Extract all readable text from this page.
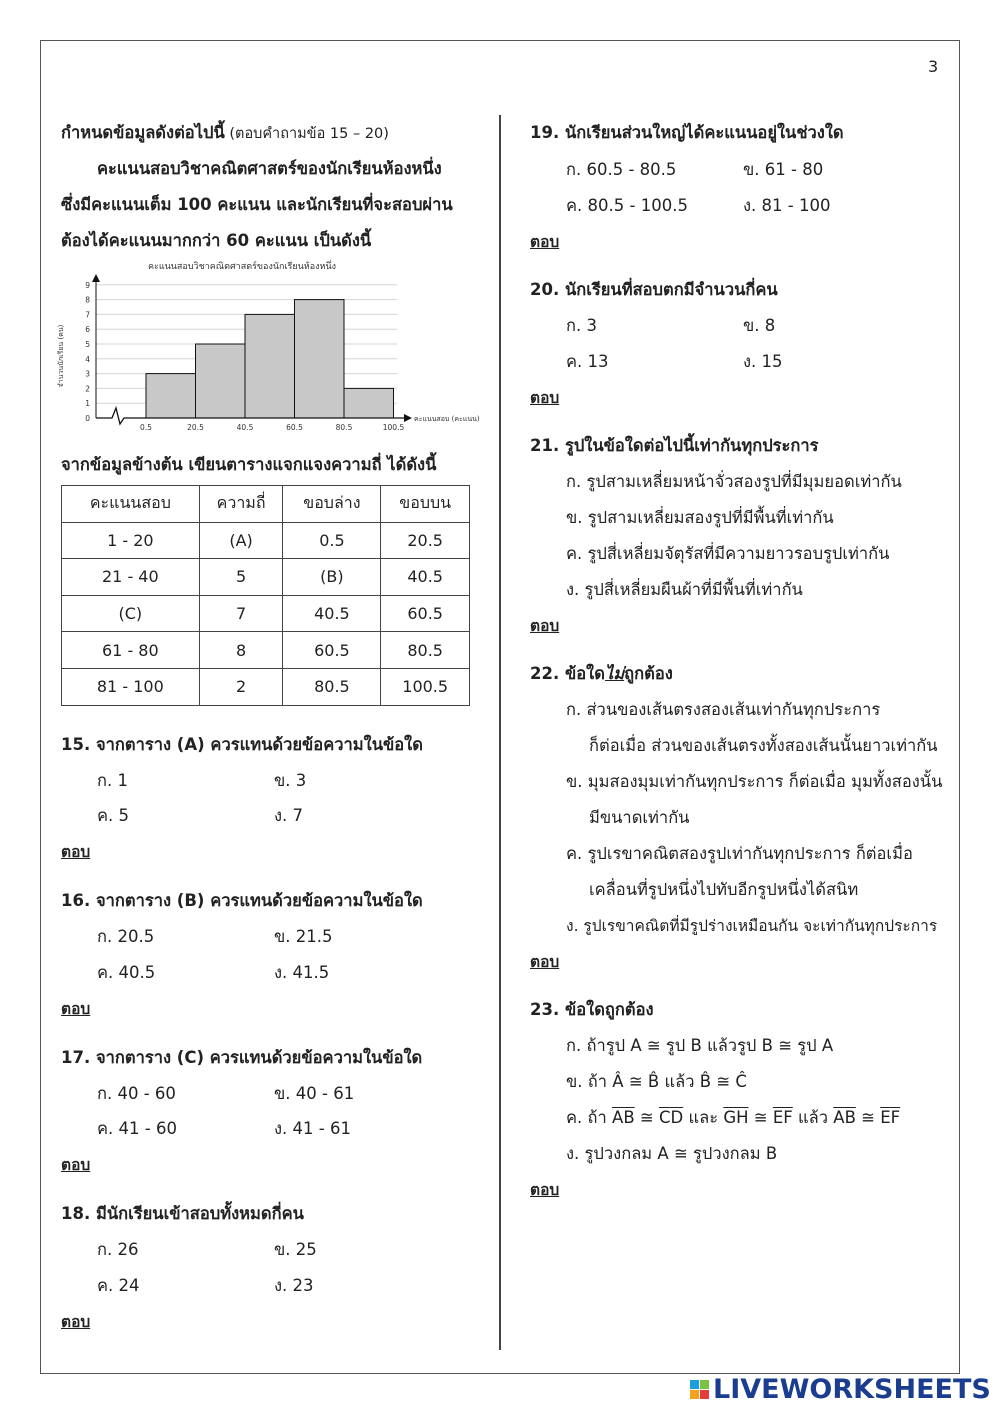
3
กำหนดข้อมูลดังต่อไปนี้ (ตอบคำถามข้อ 15 – 20)
คะแนนสอบวิชาคณิตศาสตร์ของนักเรียนห้องหนึ่ง
ซึ่งมีคะแนนเต็ม 100 คะแนน และนักเรียนที่จะสอบผ่าน
ต้องได้คะแนนมากกว่า 60 คะแนน เป็นดังนี้
คะแนนสอบวิชาคณิตศาสตร์ของนักเรียนห้องหนึ่ง
0
1
2
3
4
5
6
7
8
9
0.5	20.5	40.5	60.5	80.5	100.5
คะแนนสอบ (คะแนน)
จำนวนนักเรียน (คน)
จากข้อมูลข้างต้น เขียนตารางแจกแจงความถี่ ได้ดังนี้
คะแนนสอบ	ความถี่	ขอบล่าง	ขอบบน
1 - 20	(A)	0.5	20.5
21 - 40	5	(B)	40.5
(C)	7	40.5	60.5
61 - 80	8	60.5	80.5
81 - 100	2	80.5	100.5
15. จากตาราง (A) ควรแทนด้วยข้อความในข้อใด
ก. 1	ข. 3
ค. 5	ง. 7
ตอบ
16. จากตาราง (B) ควรแทนด้วยข้อความในข้อใด
ก. 20.5	ข. 21.5
ค. 40.5	ง. 41.5
ตอบ
17. จากตาราง (C) ควรแทนด้วยข้อความในข้อใด
ก. 40 - 60	ข. 40 - 61
ค. 41 - 60	ง. 41 - 61
ตอบ
18. มีนักเรียนเข้าสอบทั้งหมดกี่คน
ก. 26	ข. 25
ค. 24	ง. 23
ตอบ
19. นักเรียนส่วนใหญ่ได้คะแนนอยู่ในช่วงใด
ก. 60.5 - 80.5	ข. 61 - 80
ค. 80.5 - 100.5	ง. 81 - 100
ตอบ
20. นักเรียนที่สอบตกมีจำนวนกี่คน
ก. 3	ข. 8
ค. 13	ง. 15
ตอบ
21. รูปในข้อใดต่อไปนี้เท่ากันทุกประการ
ก. รูปสามเหลี่ยมหน้าจั่วสองรูปที่มีมุมยอดเท่ากัน
ข. รูปสามเหลี่ยมสองรูปที่มีพื้นที่เท่ากัน
ค. รูปสี่เหลี่ยมจัตุรัสที่มีความยาวรอบรูปเท่ากัน
ง. รูปสี่เหลี่ยมผืนผ้าที่มีพื้นที่เท่ากัน
ตอบ
22. ข้อใดไม่ถูกต้อง
ก. ส่วนของเส้นตรงสองเส้นเท่ากันทุกประการ
ก็ต่อเมื่อ ส่วนของเส้นตรงทั้งสองเส้นนั้นยาวเท่ากัน
ข. มุมสองมุมเท่ากันทุกประการ ก็ต่อเมื่อ มุมทั้งสองนั้น
มีขนาดเท่ากัน
ค. รูปเรขาคณิตสองรูปเท่ากันทุกประการ ก็ต่อเมื่อ
เคลื่อนที่รูปหนึ่งไปทับอีกรูปหนึ่งได้สนิท
ง. รูปเรขาคณิตที่มีรูปร่างเหมือนกัน จะเท่ากันทุกประการ
ตอบ
23. ข้อใดถูกต้อง
ก. ถ้ารูป A ≅ รูป B แล้วรูป B ≅ รูป A
ข. ถ้า Â ≅ B̂ แล้ว B̂ ≅ Ĉ
ค. ถ้า $\overline{AB}$ ≅ $\overline{CD}$ และ $\overline{GH}$ ≅ $\overline{EF}$ แล้ว $\overline{AB}$ ≅ $\overline{EF}$
ง. รูปวงกลม A ≅ รูปวงกลม B
ตอบ
LIVEWORKSHEETS
